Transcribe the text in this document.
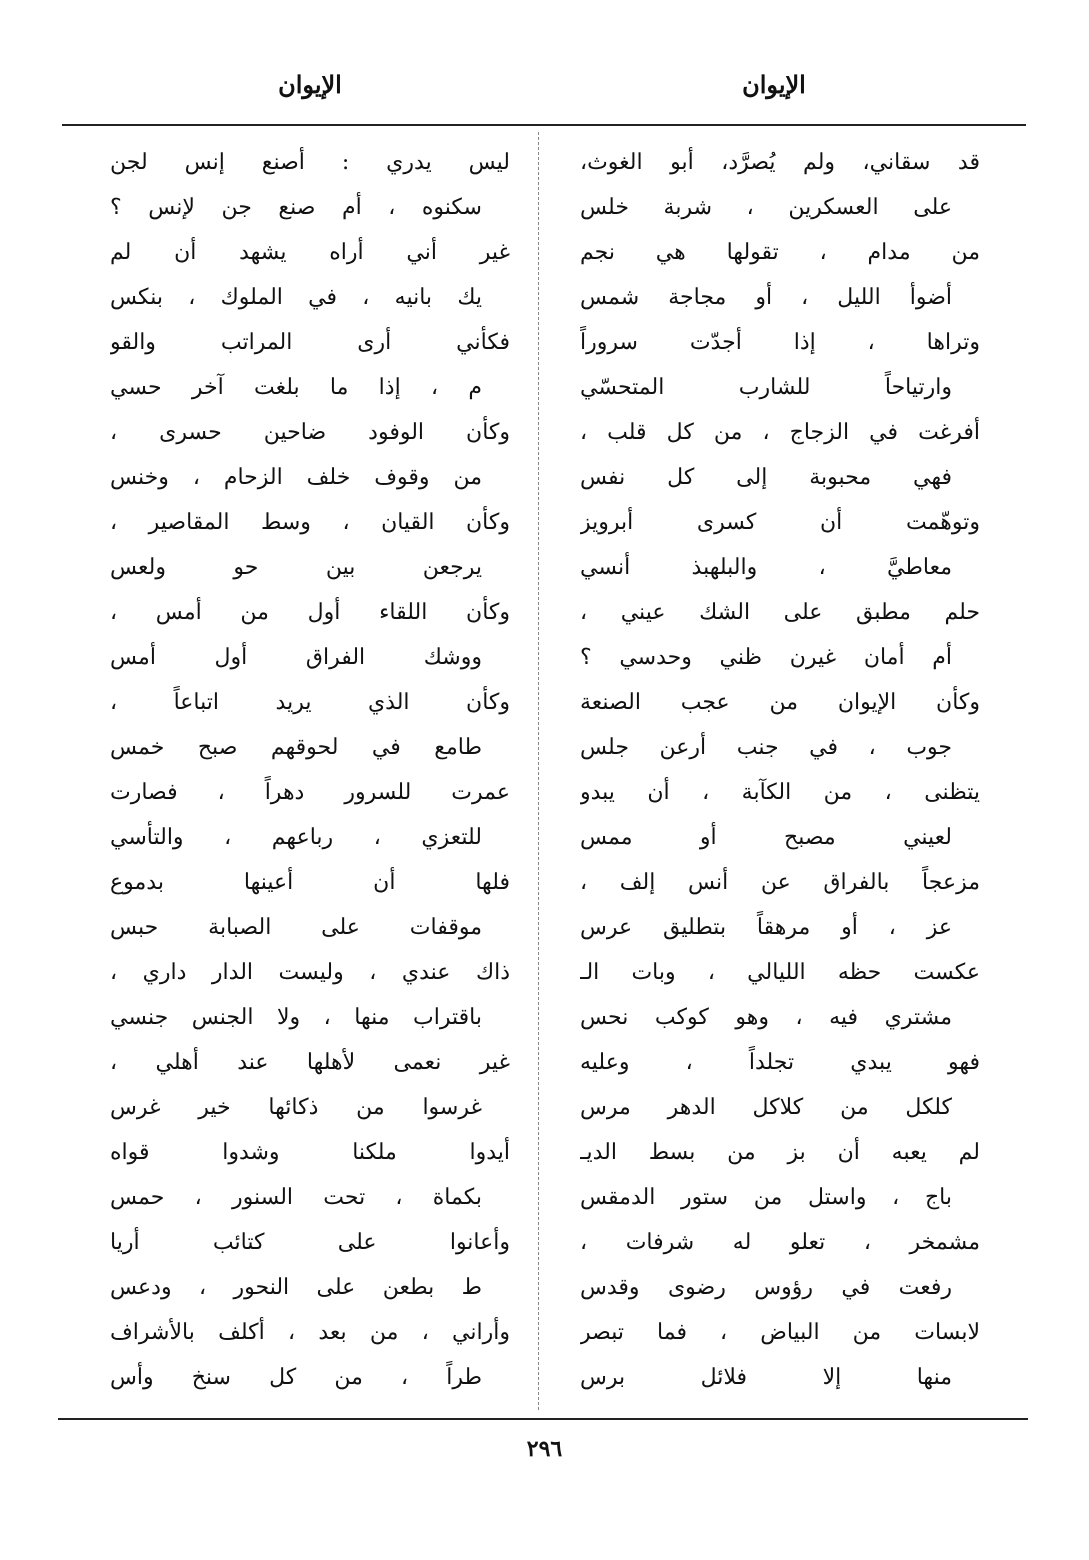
الإيوان
الإيوان
قد سقاني، ولم يُصرَّد، أبو الغوث،
على العسكرين ، شربة خلس
من مدام ، تقولها هي نجم
أضوأ الليل ، أو مجاجة شمس
وتراها ، إذا أجدّت سروراً
وارتياحاً للشارب المتحسّي
أفرغت في الزجاج ، من كل قلب ،
فهي محبوبة إلى كل نفس
وتوهّمت أن كسرى أبرويز
معاطيَّ ، والبلهبذ أنسي
حلم مطبق على الشك عيني ،
أم أمان غيرن ظني وحدسي ؟
وكأن الإيوان من عجب الصنعة
جوب ، في جنب أرعن جلس
يتظنى ، من الكآبة ، أن يبدو
لعيني مصبح أو ممس
مزعجاً بالفراق عن أنس إلف ،
عز ، أو مرهقاً بتطليق عرس
عكست حظه الليالي ، وبات الـ
مشتري فيه ، وهو كوكب نحس
فهو يبدي تجلداً ، وعليه
كلكل من كلاكل الدهر مرس
لم يعبه أن بز من بسط الديـ
باج ، واستل من ستور الدمقس
مشمخر ، تعلو له شرفات ،
رفعت في رؤوس رضوى وقدس
لابسات من البياض ، فما تبصر
منها إلا فلائل برس
ليس يدري : أصنع إنس لجن
سكنوه ، أم صنع جن لإنس ؟
غير أني أراه يشهد أن لم
يك بانيه ، في الملوك ، بنكس
فكأني أرى المراتب والقو
م ، إذا ما بلغت آخر حسي
وكأن الوفود ضاحين حسرى ،
من وقوف خلف الزحام ، وخنس
وكأن القيان ، وسط المقاصير ،
يرجعن بين حو ولعس
وكأن اللقاء أول من أمس ،
ووشك الفراق أول أمس
وكأن الذي يريد اتباعاً ،
طامع في لحوقهم صبح خمس
عمرت للسرور دهراً ، فصارت
للتعزي ، رباعهم ، والتأسي
فلها أن أعينها بدموع
موقفات على الصبابة حبس
ذاك عندي ، وليست الدار داري ،
باقتراب منها ، ولا الجنس جنسي
غير نعمى لأهلها عند أهلي ،
غرسوا من ذكائها خير غرس
أيدوا ملكنا وشدوا قواه
بكماة ، تحت السنور ، حمس
وأعانوا على كتائب أريا
ط بطعن على النحور ، ودعس
وأراني ، من بعد ، أكلف بالأشراف
طراً ، من كل سنخ وأس
٢٩٦
